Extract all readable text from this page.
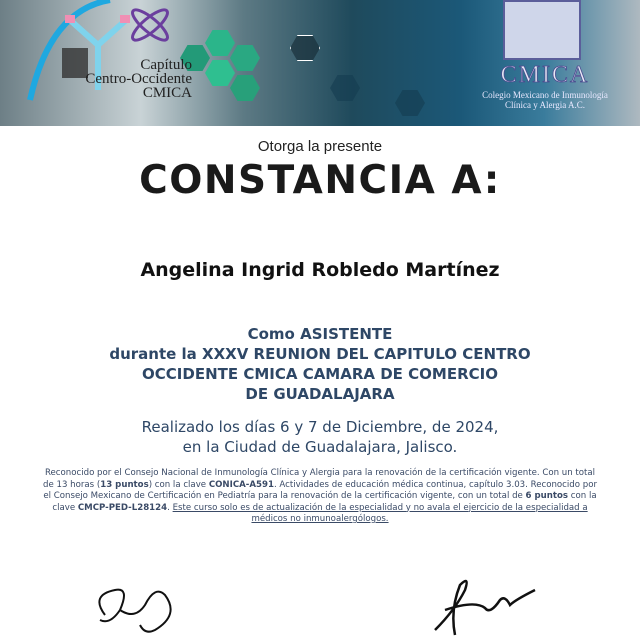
Capítulo
Centro-Occidente
CMICA
CMICA
Colegio Mexicano de Inmunología
Clínica y Alergia A.C.
Otorga la presente
CONSTANCIA A:
Angelina Ingrid Robledo Martínez
Como ASISTENTE
durante la XXXV REUNION DEL CAPITULO CENTRO
OCCIDENTE CMICA CAMARA DE COMERCIO
DE GUADALAJARA
Realizado los días 6 y 7 de Diciembre, de 2024,
en la Ciudad de Guadalajara, Jalisco.
Reconocido por el Consejo Nacional de Inmunología Clínica y Alergia para la renovación de la certificación vigente. Con un total de 13 horas (13 puntos) con la clave CONICA-A591. Actividades de educación médica continua, capítulo 3.03. Reconocido por el Consejo Mexicano de Certificación en Pediatría para la renovación de la certificación vigente, con un total de 6 puntos con la clave CMCP-PED-L28124. Este curso solo es de actualización de la especialidad y no avala el ejercicio de la especialidad a médicos no inmunoalergólogos.
